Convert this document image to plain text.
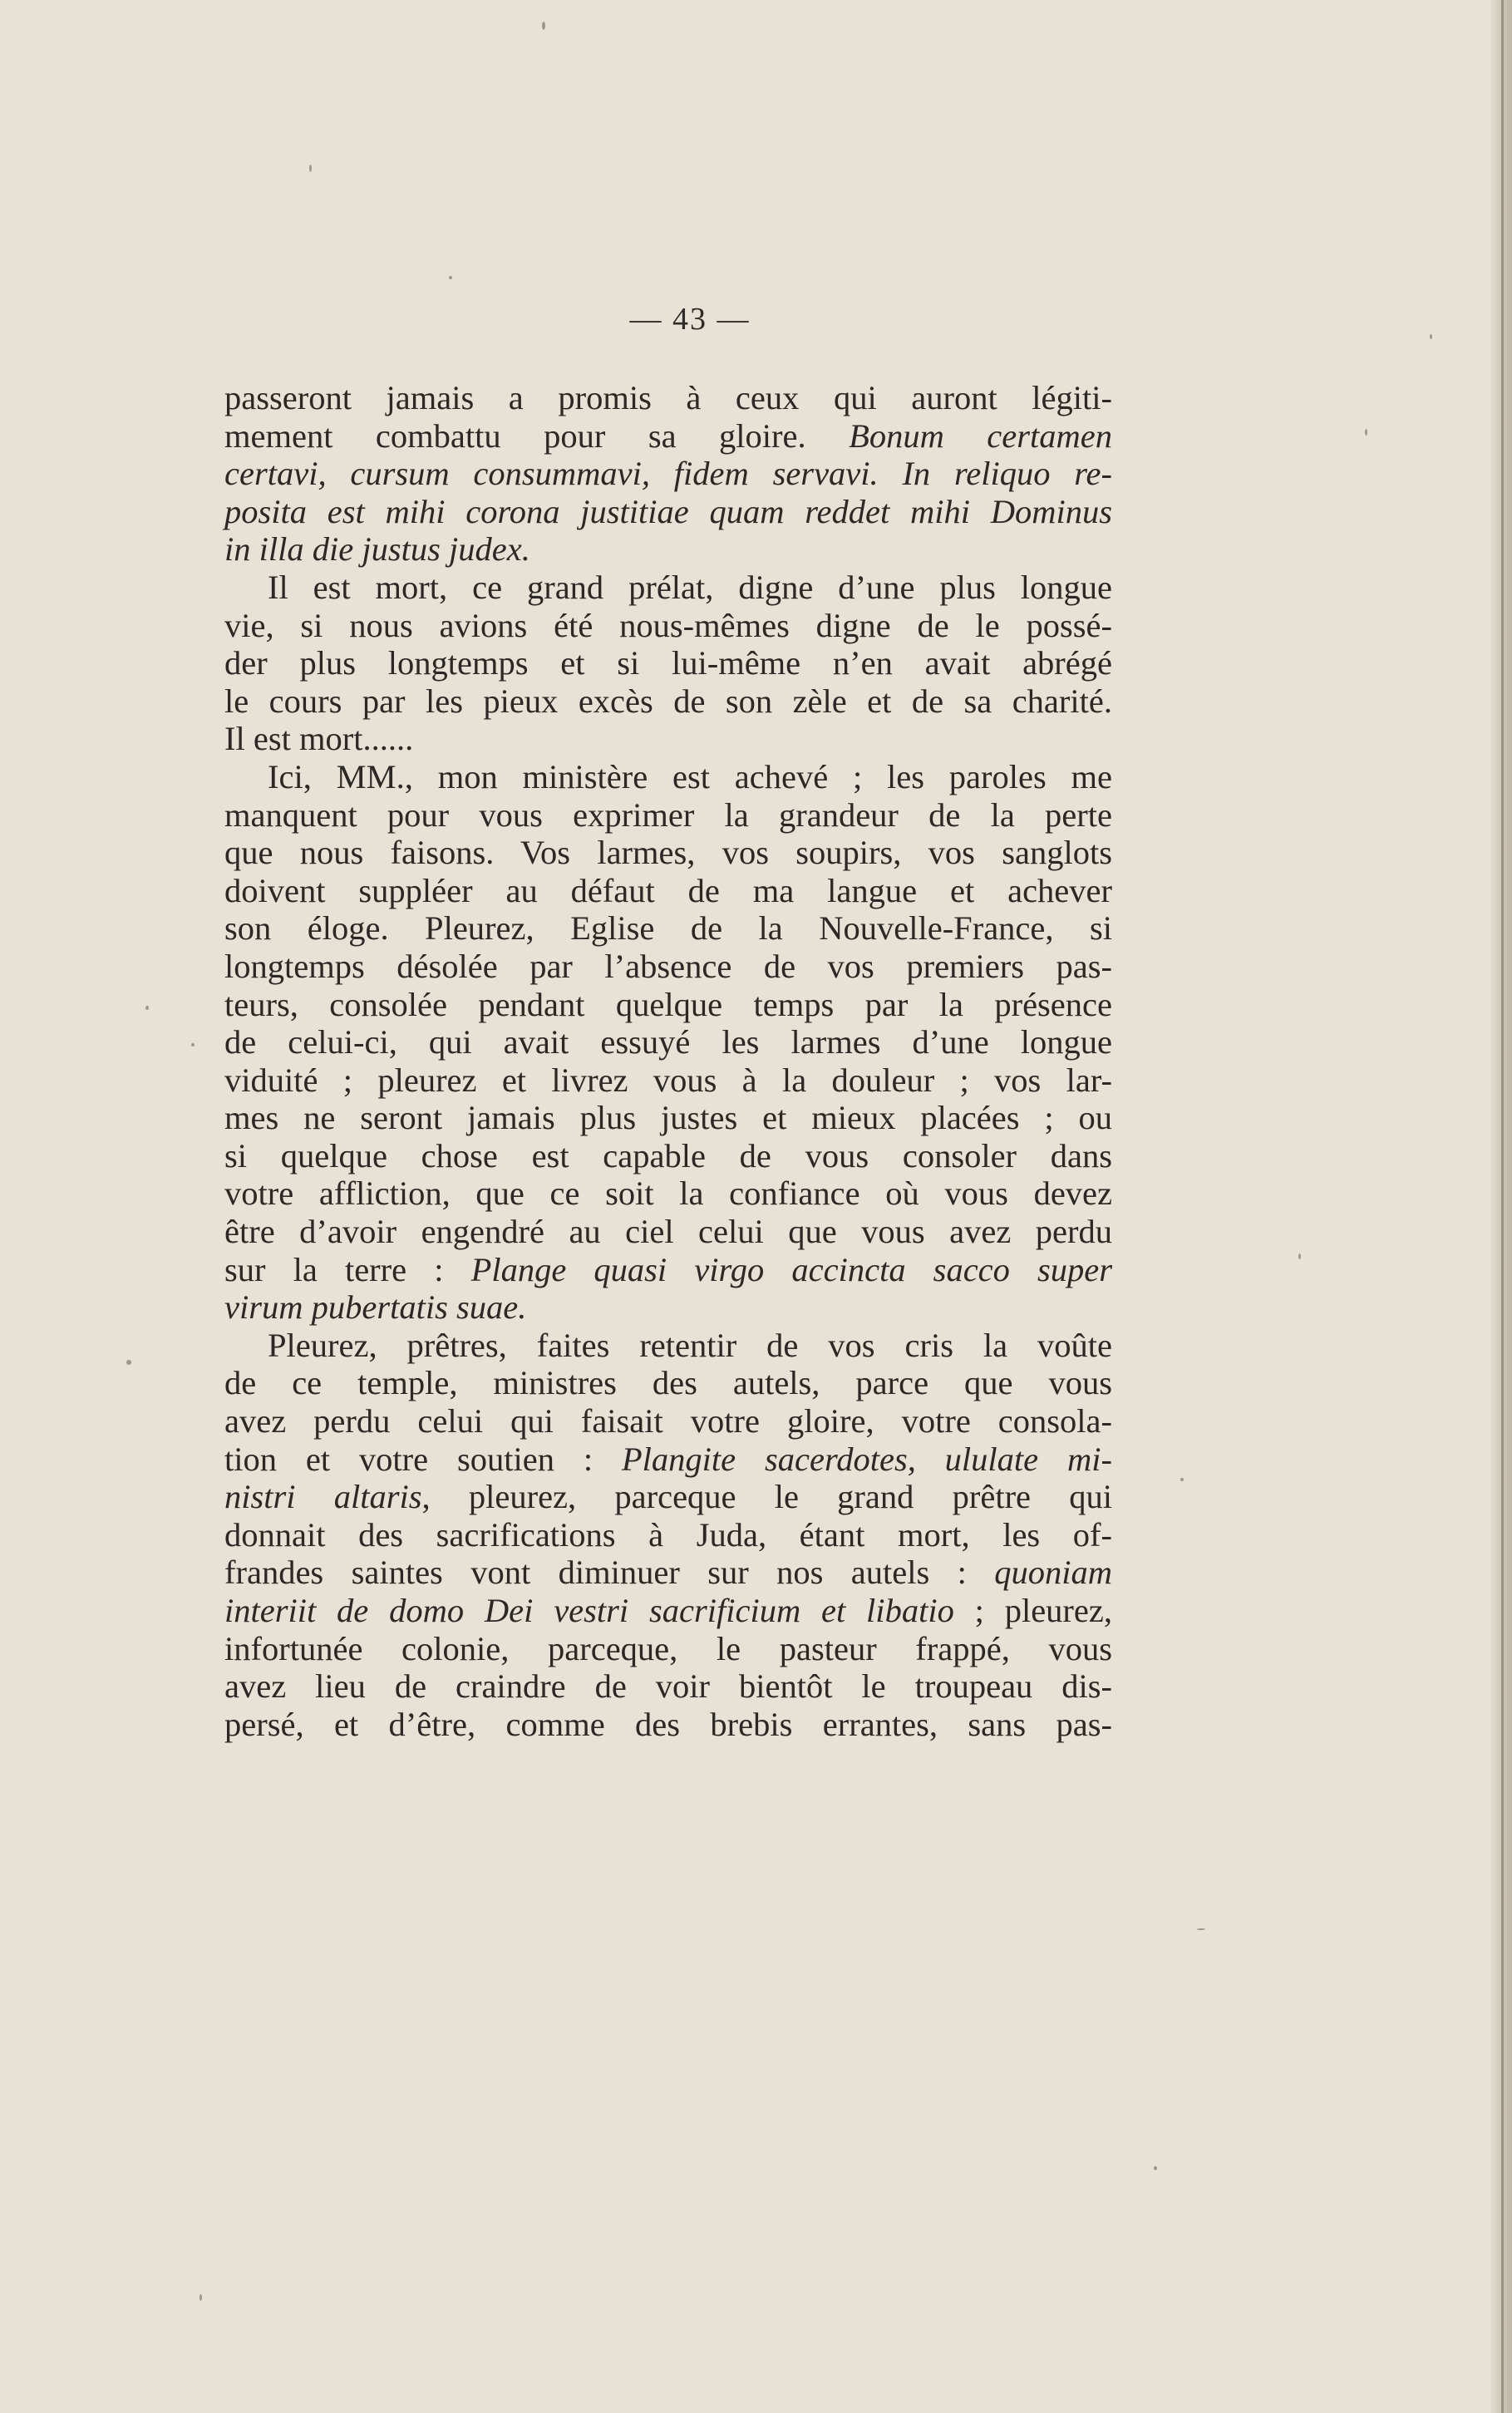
— 43 —
passeront jamais a promis à ceux qui auront légiti-
mement combattu pour sa gloire. Bonum certamen
certavi, cursum consummavi, fidem servavi. In reliquo re-
posita est mihi corona justitiae quam reddet mihi Dominus
in illa die justus judex.
Il est mort, ce grand prélat, digne d’une plus longue
vie, si nous avions été nous-mêmes digne de le possé-
der plus longtemps et si lui-même n’en avait abrégé
le cours par les pieux excès de son zèle et de sa charité.
Il est mort......
Ici, MM., mon ministère est achevé ; les paroles me
manquent pour vous exprimer la grandeur de la perte
que nous faisons. Vos larmes, vos soupirs, vos sanglots
doivent suppléer au défaut de ma langue et achever
son éloge. Pleurez, Eglise de la Nouvelle-France, si
longtemps désolée par l’absence de vos premiers pas-
teurs, consolée pendant quelque temps par la présence
de celui-ci, qui avait essuyé les larmes d’une longue
viduité ; pleurez et livrez vous à la douleur ; vos lar-
mes ne seront jamais plus justes et mieux placées ; ou
si quelque chose est capable de vous consoler dans
votre affliction, que ce soit la confiance où vous devez
être d’avoir engendré au ciel celui que vous avez perdu
sur la terre : Plange quasi virgo accincta sacco super
virum pubertatis suae.
Pleurez, prêtres, faites retentir de vos cris la voûte
de ce temple, ministres des autels, parce que vous
avez perdu celui qui faisait votre gloire, votre consola-
tion et votre soutien : Plangite sacerdotes, ululate mi-
nistri altaris, pleurez, parceque le grand prêtre qui
donnait des sacrifications à Juda, étant mort, les of-
frandes saintes vont diminuer sur nos autels : quoniam
interiit de domo Dei vestri sacrificium et libatio ; pleurez,
infortunée colonie, parceque, le pasteur frappé, vous
avez lieu de craindre de voir bientôt le troupeau dis-
persé, et d’être, comme des brebis errantes, sans pas-
